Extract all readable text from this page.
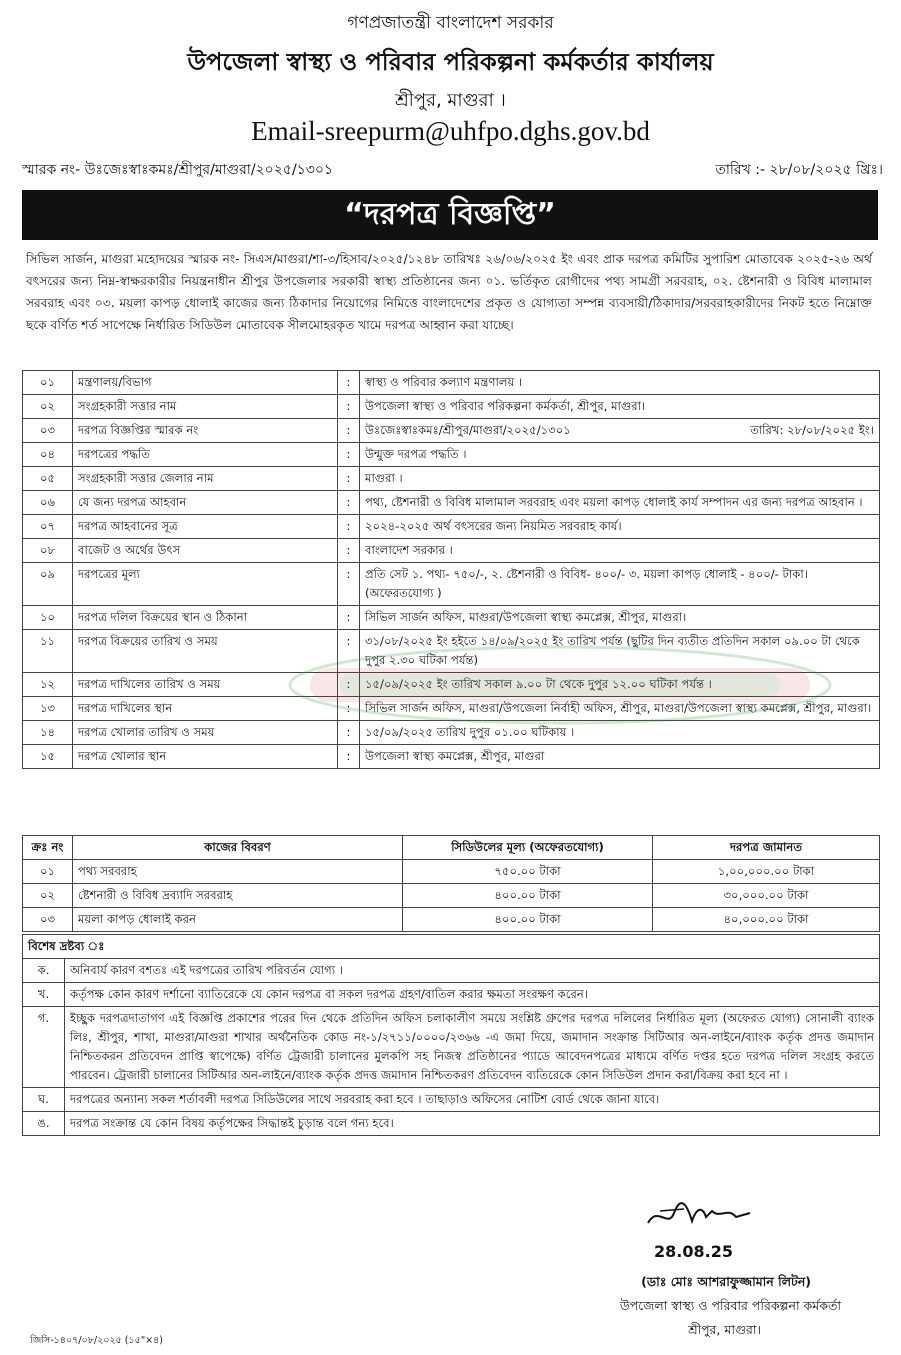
গণপ্রজাতন্ত্রী বাংলাদেশ সরকার
উপজেলা স্বাস্থ্য ও পরিবার পরিকল্পনা কর্মকর্তার কার্যালয়
শ্রীপুর, মাগুরা ।
Email-sreepurm@uhfpo.dghs.gov.bd
স্মারক নং- উঃজেঃস্বাঃকমঃ/শ্রীপুর/মাগুরা/২০২৫/১৩০১	তারিখ :- ২৮/০৮/২০২৫ খ্রিঃ।
“দরপত্র বিজ্ঞপ্তি”
সিভিল সার্জন, মাগুরা মহোদয়ের স্মারক নং- সিএস/মাগুরা/শা-৩/হিসাব/২০২৫/১২৪৮ তারিখঃ ২৬/০৬/২০২৫ ইং এবং প্রাক দরপত্র কমিটির সুপারিশ মোতাবেক ২০২৫-২৬ অর্থ বৎসরের জন্য নিম্ন-স্বাক্ষরকারীর নিয়ন্ত্রনাধীন শ্রীপুর উপজেলার সরকারী স্বাস্থ্য প্রতিষ্ঠানের জন্য ০১. ভর্তিকৃত রোগীদের পথ্য সামগ্রী সরবরাহ, ০২. ষ্টেশনারী ও বিবিধ মালামাল সরবরাহ এবং ০৩. ময়লা কাপড় ধোলাই কাজের জন্য ঠিকাদার নিয়োগের নিমিত্তে বাংলাদেশের প্রকৃত ও যোগ্যতা সম্পন্ন ব্যবসায়ী/ঠিকাদার/সরবরাহকারীদের নিকট হতে নিম্নোক্ত ছকে বর্ণিত শর্ত সাপেক্ষে নির্ধারিত সিডিউল মোতাবেক সীলমোহরকৃত খামে দরপত্র আহ্বান করা যাচ্ছে।
০১	মন্ত্রণালয়/বিভাগ	:	স্বাস্থ্য ও পরিবার কল্যাণ মন্ত্রণালয় ।
০২	সংগ্রহকারী সত্তার নাম	:	উপজেলা স্বাস্থ্য ও পরিবার পরিকল্পনা কর্মকর্তা, শ্রীপুর, মাগুরা।
০৩	দরপত্র বিজ্ঞপ্তির স্মারক নং	:	উঃজেঃস্বাঃকমঃ/শ্রীপুর/মাগুরা/২০২৫/১৩০১ তারিখ: ২৮/০৮/২০২৫ ইং।

০৪	দরপত্রের পদ্ধতি	:	উন্মুক্ত দরপত্র পদ্ধতি ।
০৫	সংগ্রহকারী সত্তার জেলার নাম	:	মাগুরা ।
০৬	যে জন্য দরপত্র আহবান	:	পথ্য, ষ্টেশনারী ও বিবিধ মালামাল সরবরাহ এবং ময়লা কাপড় ধোলাই কার্য সম্পাদন এর জন্য দরপত্র আহবান ।
০৭	দরপত্র আহবানের সূত্র	:	২০২৪-২০২৫ অর্থ বৎসরের জন্য নিয়মিত সরবরাহ কার্য।
০৮	বাজেট ও অর্থের উৎস	:	বাংলাদেশ সরকার ।
০৯	দরপত্রের মূল্য	:	প্রতি সেট ১. পথ্য- ৭৫০/-, ২. ষ্টেশনারী ও বিবিধ- ৪০০/- ৩. ময়লা কাপড় ধোলাই - ৪০০/- টাকা। (অফেরতযোগ্য )
১০	দরপত্র দলিল বিক্রয়ের স্থান ও ঠিকানা	:	সিভিল সার্জন অফিস, মাগুরা/উপজেলা স্বাস্থ্য কমপ্লেক্স, শ্রীপুর, মাগুরা।
১১	দরপত্র বিক্রয়ের তারিখ ও সময়	:	৩১/০৮/২০২৫ ইং হইতে ১৪/০৯/২০২৫ ইং তারিখ পর্যন্ত (ছুটির দিন ব্যতীত প্রতিদিন সকাল ০৯.০০ টা থেকে দুপুর ২.৩০ ঘটিকা পর্যন্ত)
১২	দরপত্র দাখিলের তারিখ ও সময়	:	১৫/০৯/২০২৫ ইং তারিখ সকাল ৯.০০ টা থেকে দুপুর ১২.০০ ঘটিকা পর্যন্ত ।
১৩	দরপত্র দাখিলের স্থান	:	সিভিল সার্জন অফিস, মাগুরা/উপজেলা নির্বাহী অফিস, শ্রীপুর, মাগুরা/উপজেলা স্বাস্থ্য কমপ্লেক্স, শ্রীপুর, মাগুরা।
১৪	দরপত্র খোলার তারিখ ও সময়	:	১৫/০৯/২০২৫ তারিখ দুপুর ০১.০০ ঘটিকায় ।
১৫	দরপত্র খোলার স্থান	:	উপজেলা স্বাস্থ্য কমপ্লেক্স, শ্রীপুর, মাগুরা
ক্রঃ নং	কাজের বিবরণ	সিডিউলের মূল্য (অফেরতযোগ্য)	দরপত্র জামানত
০১	পথ্য সরবরাহ	৭৫০.০০ টাকা	১,০০,০০০.০০ টাকা
০২	ষ্টেশনারী ও বিবিধ দ্রব্যাদি সরবরাহ	৪০০.০০ টাকা	৩০,০০০.০০ টাকা
০৩	ময়লা কাপড় ধোলাই করন	৪০০.০০ টাকা	৪০,০০০.০০ টাকা
বিশেষ দ্রষ্টব্য ঃ	
ক.	অনিবার্য কারণ বশতঃ এই দরপত্রের তারিখ পরিবর্তন যোগ্য ।
খ.	কর্তৃপক্ষ কোন কারণ দর্শানো ব্যাতিরেকে যে কোন দরপত্র বা সকল দরপত্র গ্রহণ/বাতিল করার ক্ষমতা সংরক্ষণ করেন।
গ.	ইচ্ছুক দরপত্রদাতাগণ এই বিজ্ঞপ্তি প্রকাশের পরের দিন থেকে প্রতিদিন অফিস চলাকালীণ সময়ে সংশ্লিষ্ট গ্রুপের দরপত্র দলিলের নির্ধারিত মূল্য (অফেরত যোগ্য) সোনালী ব্যাংক লিঃ, শ্রীপুর, শাখা, মাগুরা/মাগুরা শাখার অর্থনৈতিক কোড নং-১/২৭১১/০০০০/২৩৬৬ -এ জমা দিয়ে, জমাদান সংক্রান্ত সিটিআর অন-লাইনে/ব্যাংক কর্তৃক প্রদত্ত জমাদান নিশ্চিতকরন প্রতিবেদন প্রাপ্তি স্বাপেক্ষে) বর্ণিত ট্রেজারী চালানের মুলকপি সহ নিজস্ব প্রতিষ্ঠানের প্যাডে আবেদনপত্রের মাধ্যমে বর্ণিত দপ্তর হতে দরপত্র দলিল সংগ্রহ করতে পারবেন। ট্রেজারী চালানের সিটিআর অন-লাইনে/ব্যাংক কর্তৃক প্রদত্ত জমাদান নিশ্চিতকরণ প্রতিবেদন ব্যতিরেকে কোন সিডিউল প্রদান করা/বিক্রয় করা হবে না ।
ঘ.	দরপত্রের অন্যান্য সকল শর্তাবলী দরপত্র সিডিউলের সাথে সরবরাহ করা হবে । তাছাড়াও অফিসের নোটিশ বোর্ড থেকে জানা যাবে।
ঙ.	দরপত্র সংক্রান্ত যে কোন বিষয় কর্তৃপক্ষের সিদ্ধান্তই চুড়ান্ত বলে গন্য হবে।
28.08.25
(ডাঃ মোঃ আশরাফুজ্জামান লিটন)
উপজেলা স্বাস্থ্য ও পরিবার পরিকল্পনা কর্মকর্তা
শ্রীপুর, মাগুরা।
জিসি-১৪০৭/০৮/২০২৫ (১৫"×৪)
